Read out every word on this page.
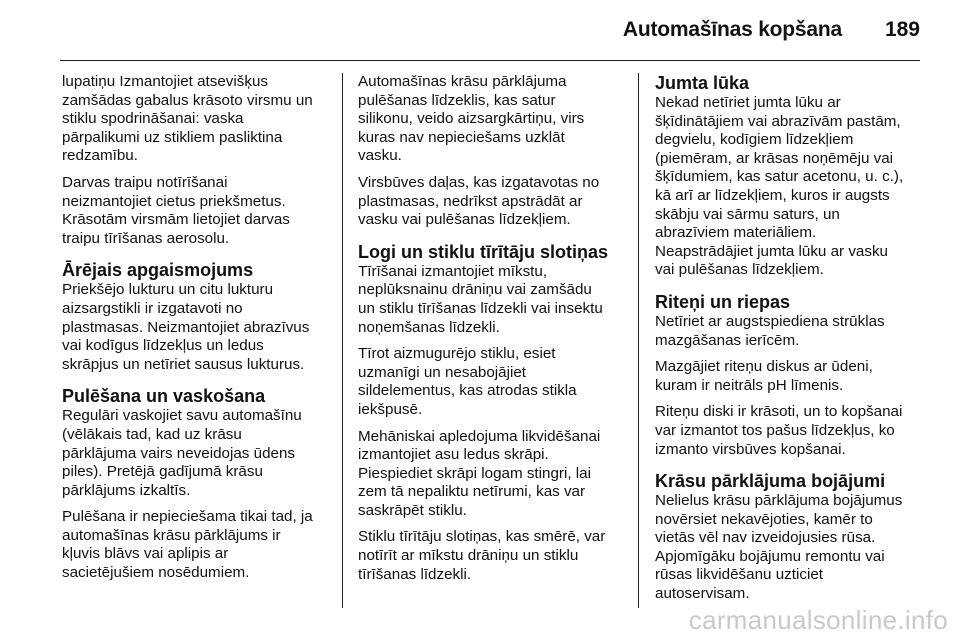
Automašīnas kopšana 189

lupatiņu Izmantojiet atsevišķus
zamšādas gabalus krāsoto virsmu un
stiklu spodrināšanai: vaska
pārpalikumi uz stikliem pasliktina
redzamību.

Darvas traipu notīrīšanai
neizmantojiet cietus priekšmetus.
Krāsotām virsmām lietojiet darvas
traipu tīrīšanas aerosolu.

Ārējais apgaismojums

Priekšējo lukturu un citu lukturu
aizsargstikli ir izgatavoti no
plastmasas. Neizmantojiet abrazīvus
vai kodīgus līdzekļus un ledus
skrāpjus un netīriet sausus lukturus.

Pulēšana un vaskošana

Regulāri vaskojiet savu automašīnu
(vēlākais tad, kad uz krāsu
pārklājuma vairs neveidojas ūdens
piles). Pretējā gadījumā krāsu
pārklājums izkaltīs.

Pulēšana ir nepieciešama tikai tad, ja
automašīnas krāsu pārklājums ir
kļuvis blāvs vai aplipis ar
sacietējušiem nosēdumiem.

Automašīnas krāsu pārklājuma
pulēšanas līdzeklis, kas satur
silikonu, veido aizsargkārtiņu, virs
kuras nav nepieciešams uzklāt
vasku.

Virsbūves daļas, kas izgatavotas no
plastmasas, nedrīkst apstrādāt ar
vasku vai pulēšanas līdzekļiem.

Logi un stiklu tīrītāju slotiņas

Tīrīšanai izmantojiet mīkstu,
neplūksnainu drāniņu vai zamšādu
un stiklu tīrīšanas līdzekli vai insektu
noņemšanas līdzekli.

Tīrot aizmugurējo stiklu, esiet
uzmanīgi un nesabojājiet
sildelementus, kas atrodas stikla
iekšpusē.

Mehāniskai apledojuma likvidēšanai
izmantojiet asu ledus skrāpi.
Piespiediet skrāpi logam stingri, lai
zem tā nepaliktu netīrumi, kas var
saskrāpēt stiklu.

Stiklu tīrītāju slotiņas, kas smērē, var
notīrīt ar mīkstu drāniņu un stiklu
tīrīšanas līdzekli.

Jumta lūka

Nekad netīriet jumta lūku ar
šķīdinātājiem vai abrazīvām pastām,
degvielu, kodīgiem līdzekļiem
(piemēram, ar krāsas noņēmēju vai
šķīdumiem, kas satur acetonu, u. c.),
kā arī ar līdzekļiem, kuros ir augsts
skābju vai sārmu saturs, un
abrazīviem materiāliem.
Neapstrādājiet jumta lūku ar vasku
vai pulēšanas līdzekļiem.

Riteņi un riepas

Netīriet ar augstspiediena strūklas
mazgāšanas ierīcēm.

Mazgājiet riteņu diskus ar ūdeni,
kuram ir neitrāls pH līmenis.

Riteņu diski ir krāsoti, un to kopšanai
var izmantot tos pašus līdzekļus, ko
izmanto virsbūves kopšanai.

Krāsu pārklājuma bojājumi

Nelielus krāsu pārklājuma bojājumus
novērsiet nekavējoties, kamēr to
vietās vēl nav izveidojusies rūsa.
Apjomīgāku bojājumu remontu vai
rūsas likvidēšanu uzticiet
autoservisam.

carmanualsonline.info
